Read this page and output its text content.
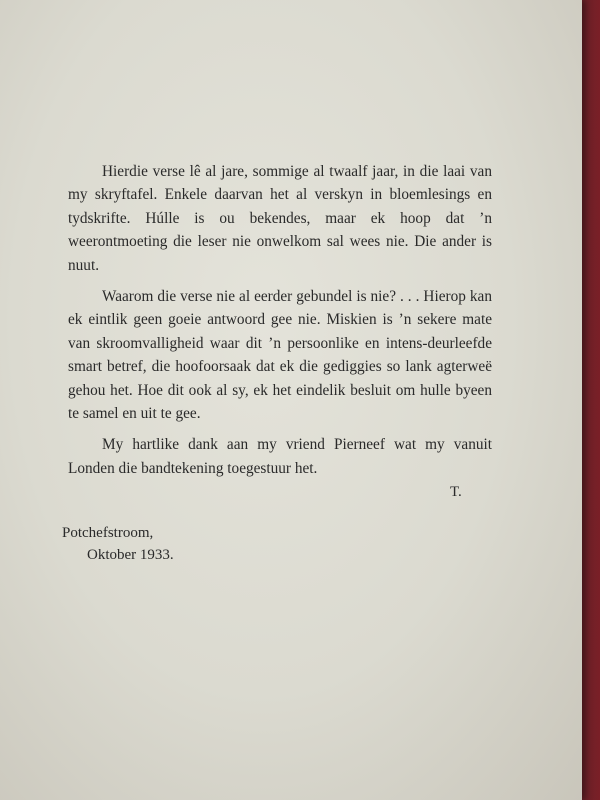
Hierdie verse lê al jare, sommige al twaalf jaar, in die laai van my skryftafel. Enkele daarvan het al verskyn in bloemlesings en tydskrifte. Húlle is ou bekendes, maar ek hoop dat ’n weerontmoeting die leser nie onwelkom sal wees nie. Die ander is nuut.

Waarom die verse nie al eerder gebundel is nie? . . . Hierop kan ek eintlik geen goeie antwoord gee nie. Miskien is ’n sekere mate van skroomvalligheid waar dit ’n persoonlike en intens-deurleefde smart betref, die hoofoorsaak dat ek die gediggies so lank agterweë gehou het. Hoe dit ook al sy, ek het eindelik besluit om hulle byeen te samel en uit te gee.

My hartlike dank aan my vriend Pierneef wat my vanuit Londen die bandtekening toegestuur het.

T.
Potchefstroom,
Oktober 1933.
